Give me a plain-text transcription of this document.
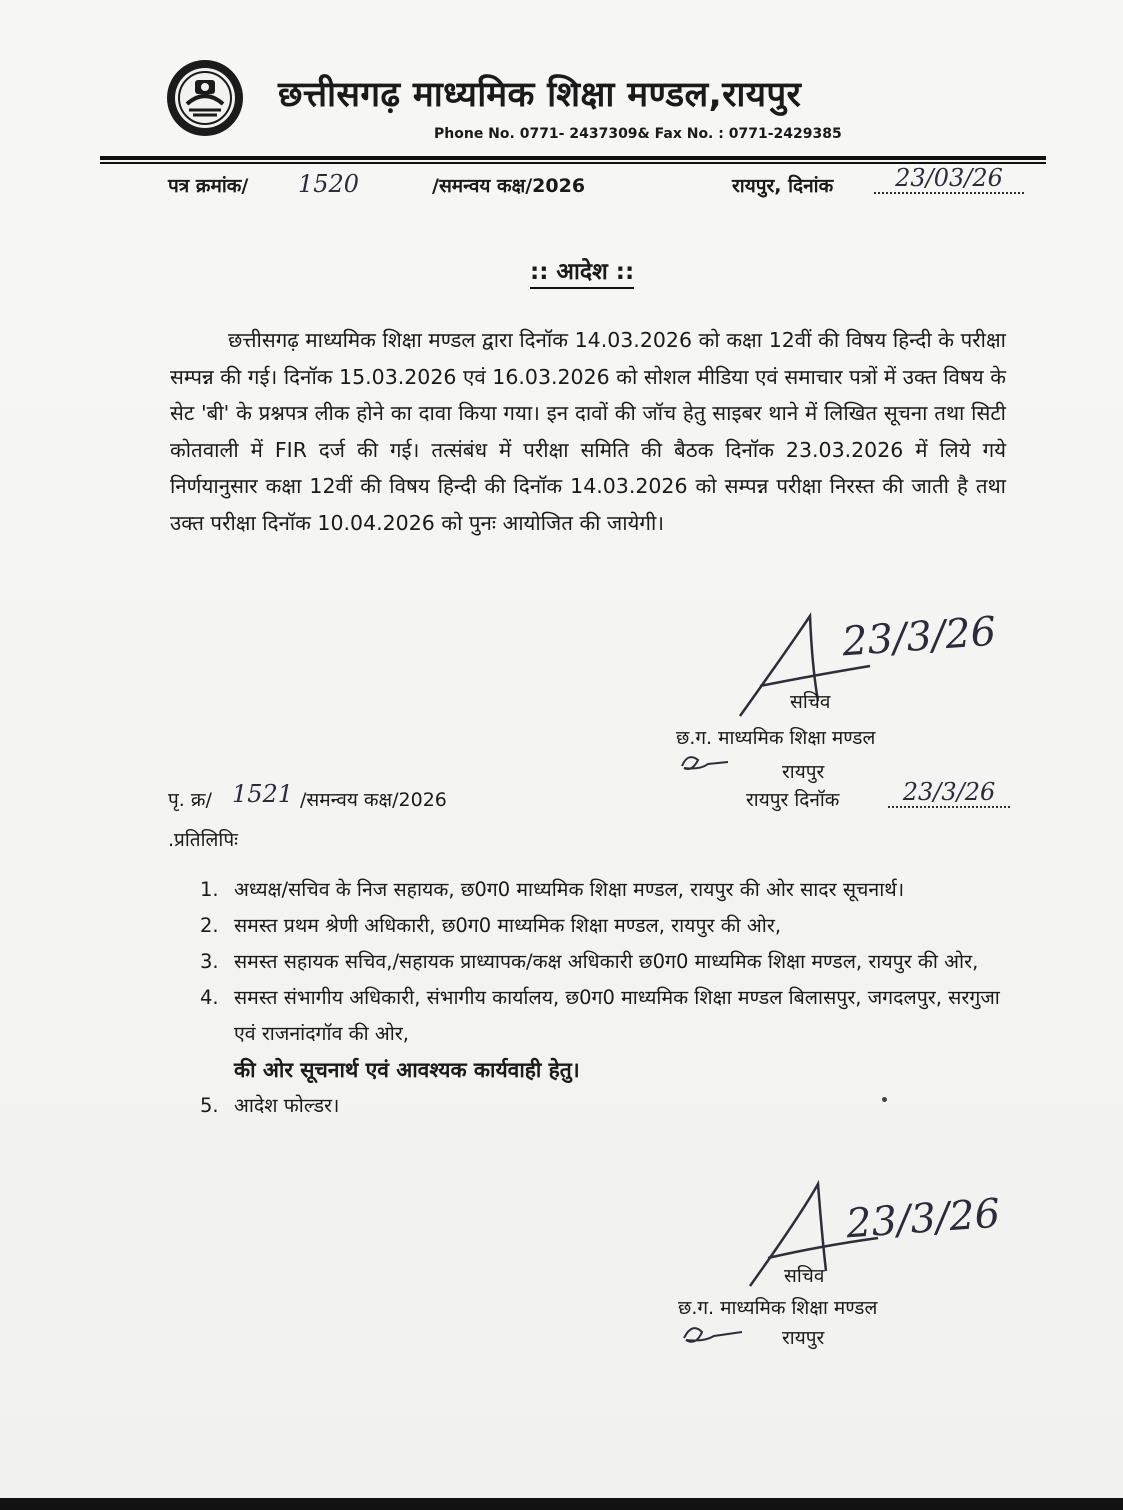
छत्तीसगढ़ माध्यमिक शिक्षा मण्डल,रायपुर
Phone No. 0771- 2437309& Fax No. : 0771-2429385
पत्र क्रमांक/ 1520	/समन्वय कक्ष/2026	रायपुर, दिनांक	23/03/26
:: आदेश ::
छत्तीसगढ़ माध्यमिक शिक्षा मण्डल द्वारा दिनॉक 14.03.2026 को कक्षा 12वीं की विषय हिन्दी के परीक्षा सम्पन्न की गई। दिनॉक 15.03.2026 एवं 16.03.2026 को सोशल मीडिया एवं समाचार पत्रों में उक्त विषय के सेट 'बी' के प्रश्नपत्र लीक होने का दावा किया गया। इन दावों की जॉच हेतु साइबर थाने में लिखित सूचना तथा सिटी कोतवाली में FIR दर्ज की गई। तत्संबंध में परीक्षा समिति की बैठक दिनॉक 23.03.2026 में लिये गये निर्णयानुसार कक्षा 12वीं की विषय हिन्दी की दिनॉक 14.03.2026 को सम्पन्न परीक्षा निरस्त की जाती है तथा उक्त परीक्षा दिनॉक 10.04.2026 को पुनः आयोजित की जायेगी।
23/3/26
सचिव
छ.ग. माध्यमिक शिक्षा मण्डल
रायपुर
पृ. क्र/ 1521 /समन्वय कक्ष/2026	रायपुर दिनॉक	23/3/26
.प्रतिलिपिः
1. अध्यक्ष/सचिव के निज सहायक, छ0ग0 माध्यमिक शिक्षा मण्डल, रायपुर की ओर सादर सूचनार्थ।
2. समस्त प्रथम श्रेणी अधिकारी, छ0ग0 माध्यमिक शिक्षा मण्डल, रायपुर की ओर,
3. समस्त सहायक सचिव,/सहायक प्राध्यापक/कक्ष अधिकारी छ0ग0 माध्यमिक शिक्षा मण्डल, रायपुर की ओर,
4. समस्त संभागीय अधिकारी, संभागीय कार्यालय, छ0ग0 माध्यमिक शिक्षा मण्डल बिलासपुर, जगदलपुर, सरगुजा एवं राजनांदगॉव की ओर,
की ओर सूचनार्थ एवं आवश्यक कार्यवाही हेतु।
5. आदेश फोल्डर।
23/3/26
सचिव
छ.ग. माध्यमिक शिक्षा मण्डल
रायपुर
